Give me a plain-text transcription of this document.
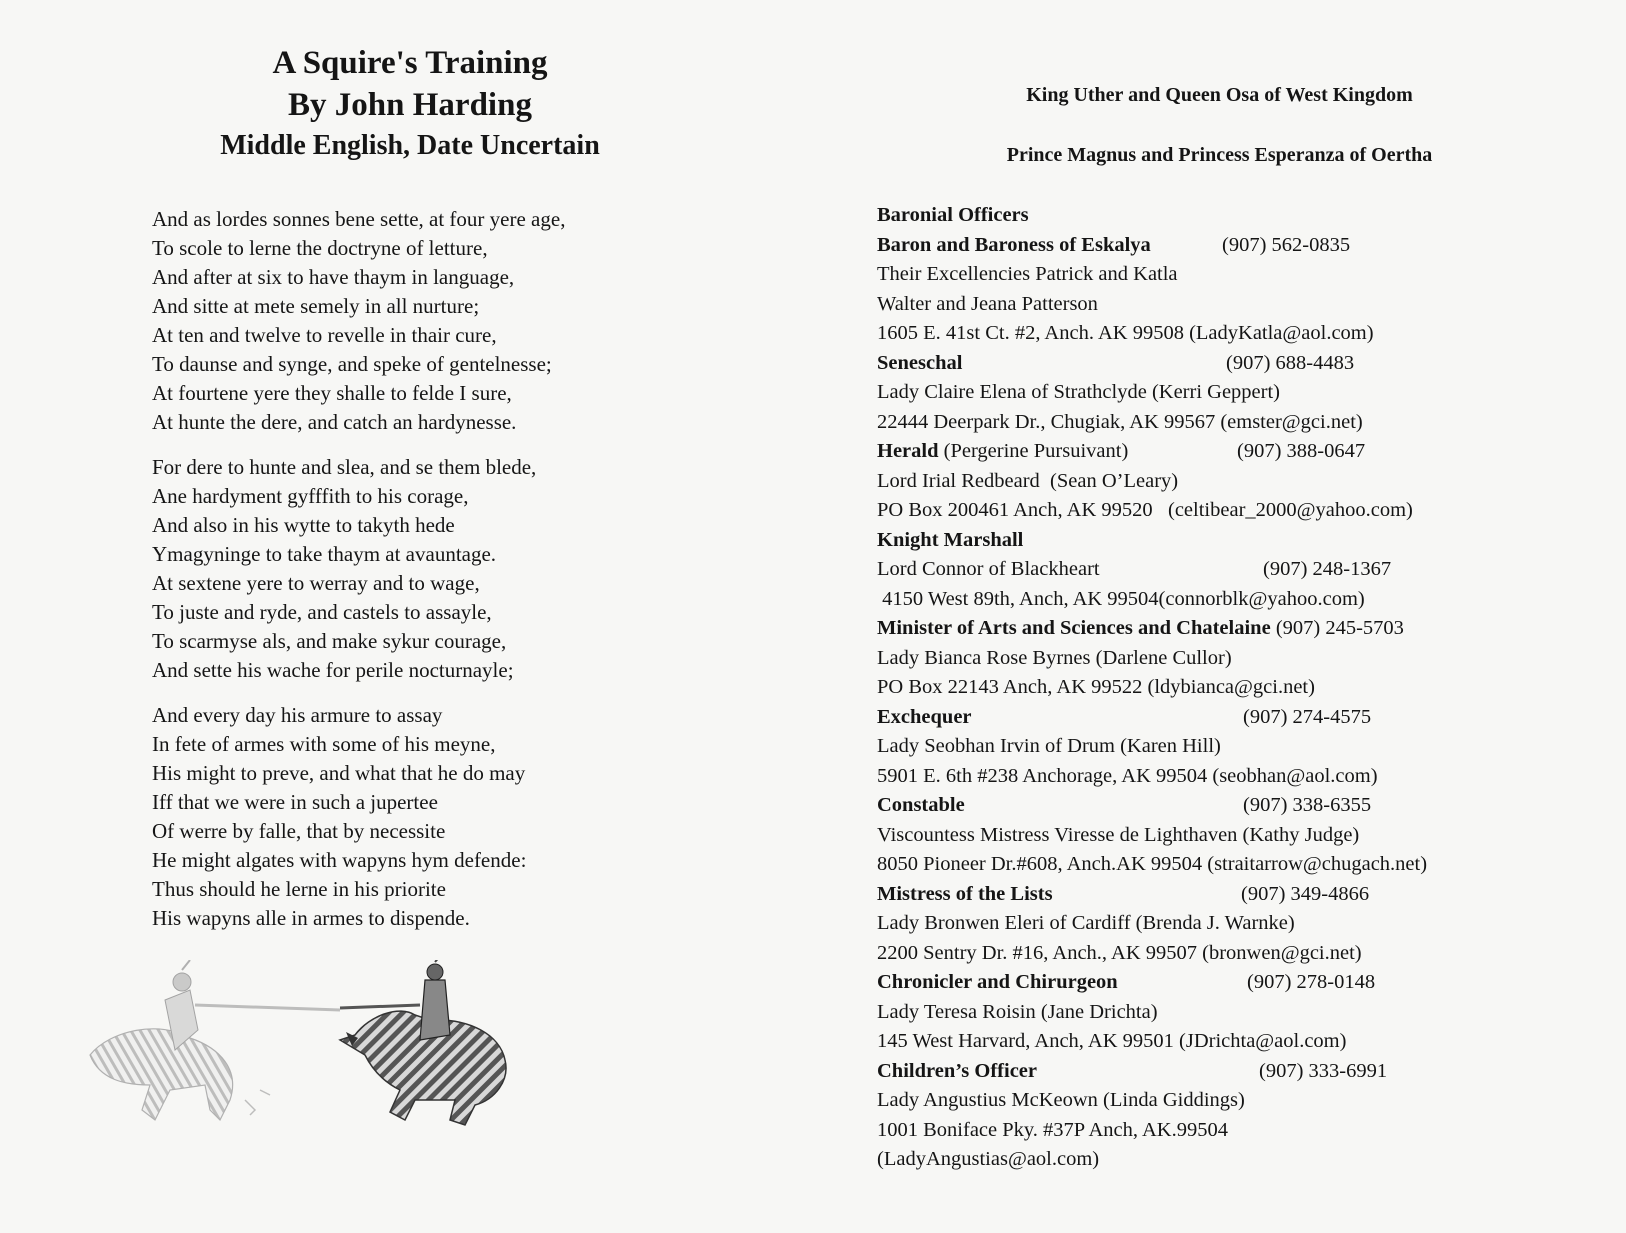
A Squire's Training
By John Harding
Middle English, Date Uncertain
And as lordes sonnes bene sette, at four yere age,
To scole to lerne the doctryne of letture,
And after at six to have thaym in language,
And sitte at mete semely in all nurture;
At ten and twelve to revelle in thair cure,
To daunse and synge, and speke of gentelnesse;
At fourtene yere they shalle to felde I sure,
At hunte the dere, and catch an hardynesse.
For dere to hunte and slea, and se them blede,
Ane hardyment gyfffith to his corage,
And also in his wytte to takyth hede
Ymagyninge to take thaym at avauntage.
At sextene yere to werray and to wage,
To juste and ryde, and castels to assayle,
To scarmyse als, and make sykur courage,
And sette his wache for perile nocturnayle;
And every day his armure to assay
In fete of armes with some of his meyne,
His might to preve, and what that he do may
Iff that we were in such a jupertee
Of werre by falle, that by necessite
He might algates with wapyns hym defende:
Thus should he lerne in his priorite
His wapyns alle in armes to dispende.
King Uther and Queen Osa of West Kingdom
Prince Magnus and Princess Esperanza of Oertha
Baronial Officers
Baron and Baroness of Eskalya	(907) 562-0835
Their Excellencies Patrick and Katla
Walter and Jeana Patterson
1605 E. 41st Ct. #2, Anch. AK 99508 (LadyKatla@aol.com)
Seneschal	(907) 688-4483
Lady Claire Elena of Strathclyde (Kerri Geppert)
22444 Deerpark Dr., Chugiak, AK 99567 (emster@gci.net)
Herald (Pergerine Pursuivant)	(907) 388-0647
Lord Irial Redbeard  (Sean O’Leary)
PO Box 200461 Anch, AK 99520   (celtibear_2000@yahoo.com)
Knight Marshall
Lord Connor of Blackheart	(907) 248-1367
4150 West 89th, Anch, AK 99504(connorblk@yahoo.com)
Minister of Arts and Sciences and Chatelaine (907) 245-5703
Lady Bianca Rose Byrnes (Darlene Cullor)
PO Box 22143 Anch, AK 99522 (ldybianca@gci.net)
Exchequer	(907) 274-4575
Lady Seobhan Irvin of Drum (Karen Hill)
5901 E. 6th #238 Anchorage, AK 99504 (seobhan@aol.com)
Constable	(907) 338-6355
Viscountess Mistress Viresse de Lighthaven (Kathy Judge)
8050 Pioneer Dr.#608, Anch.AK 99504 (straitarrow@chugach.net)
Mistress of the Lists	(907) 349-4866
Lady Bronwen Eleri of Cardiff (Brenda J. Warnke)
2200 Sentry Dr. #16, Anch., AK 99507 (bronwen@gci.net)
Chronicler and Chirurgeon	(907) 278-0148
Lady Teresa Roisin (Jane Drichta)
145 West Harvard, Anch, AK 99501 (JDrichta@aol.com)
Children’s Officer	(907) 333-6991
Lady Angustius McKeown (Linda Giddings)
1001 Boniface Pky. #37P Anch, AK.99504
(LadyAngustias@aol.com)
